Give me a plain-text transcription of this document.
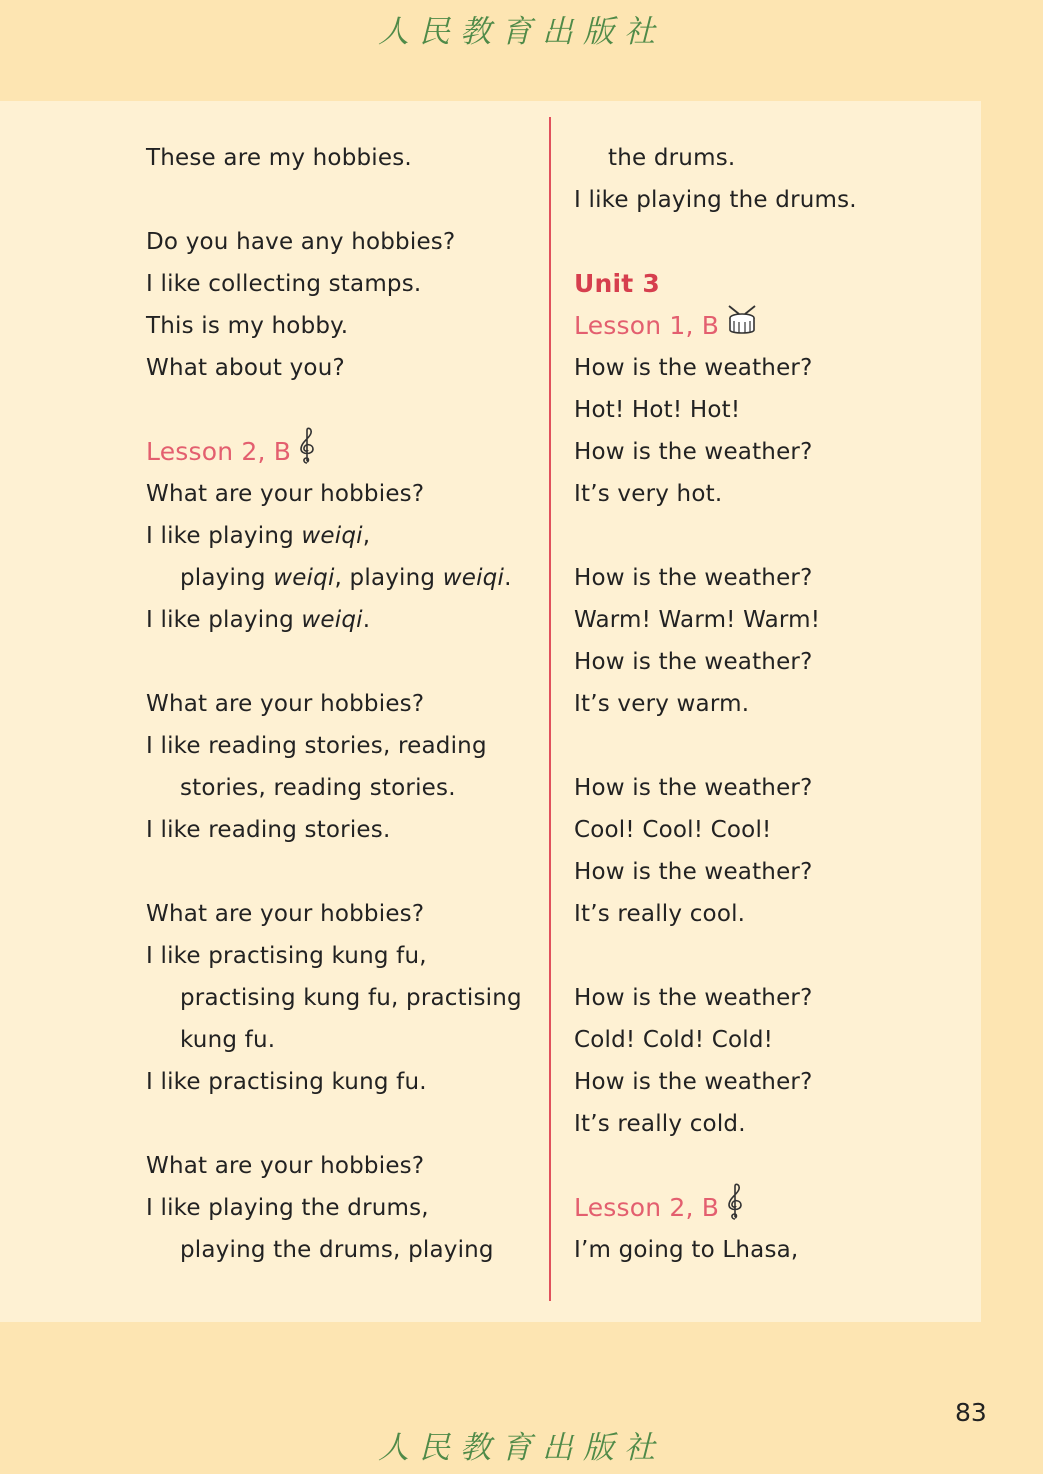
人民教育出版社
These are my hobbies.
Do you have any hobbies?
I like collecting stamps.
This is my hobby.
What about you?
Lesson 2, B
What are your hobbies?
I like playing weiqi,
playing weiqi, playing weiqi.
I like playing weiqi.
What are your hobbies?
I like reading stories, reading
stories, reading stories.
I like reading stories.
What are your hobbies?
I like practising kung fu,
practising kung fu, practising
kung fu.
I like practising kung fu.
What are your hobbies?
I like playing the drums,
playing the drums, playing
the drums.
I like playing the drums.
Unit 3
Lesson 1, B
How is the weather?
Hot! Hot! Hot!
How is the weather?
It’s very hot.
How is the weather?
Warm! Warm! Warm!
How is the weather?
It’s very warm.
How is the weather?
Cool! Cool! Cool!
How is the weather?
It’s really cool.
How is the weather?
Cold! Cold! Cold!
How is the weather?
It’s really cold.
Lesson 2, B
I’m going to Lhasa,
83
人民教育出版社
